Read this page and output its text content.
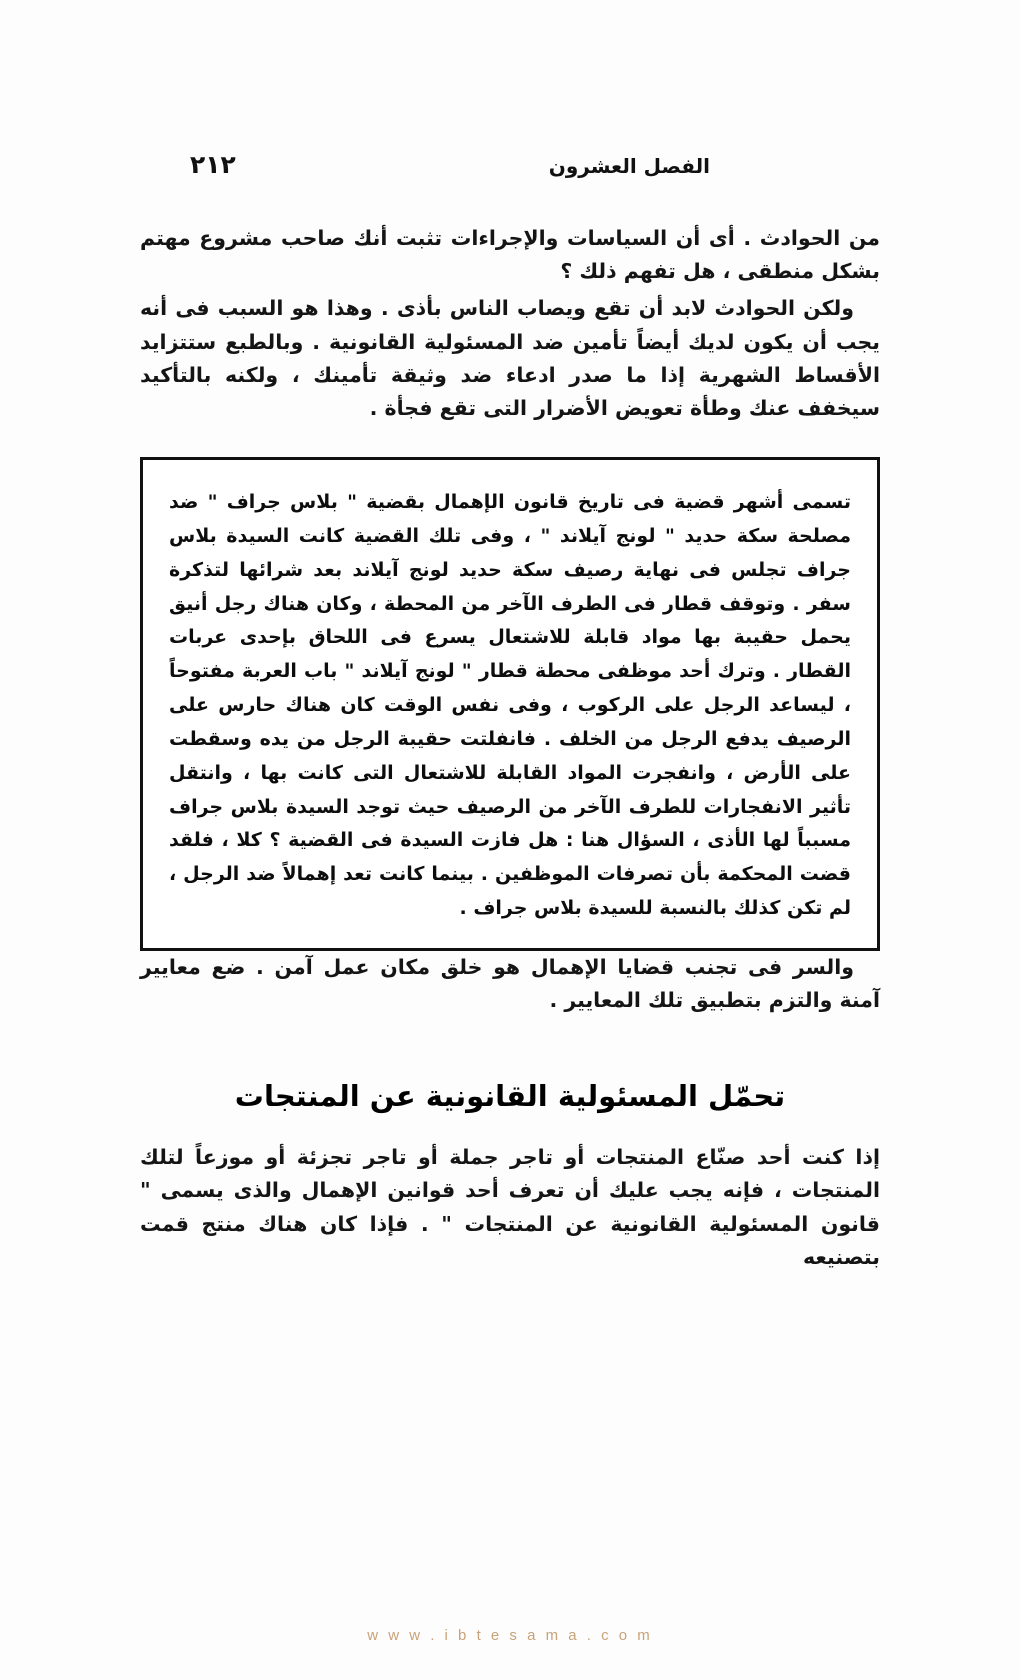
٢١٢	الفصل العشرون

من الحوادث . أى أن السياسات والإجراءات تثبت أنك صاحب مشروع مهتم بشكل منطقى ، هل تفهم ذلك ؟

ولكن الحوادث لابد أن تقع ويصاب الناس بأذى . وهذا هو السبب فى أنه يجب أن يكون لديك أيضاً تأمين ضد المسئولية القانونية . وبالطبع ستتزايد الأقساط الشهرية إذا ما صدر ادعاء ضد وثيقة تأمينك ، ولكنه بالتأكيد سيخفف عنك وطأة تعويض الأضرار التى تقع فجأة .

تسمى أشهر قضية فى تاريخ قانون الإهمال بقضية " بلاس جراف " ضد مصلحة سكة حديد " لونج آيلاند " ، وفى تلك القضية كانت السيدة بلاس جراف تجلس فى نهاية رصيف سكة حديد لونج آيلاند بعد شرائها لتذكرة سفر . وتوقف قطار فى الطرف الآخر من المحطة ، وكان هناك رجل أنيق يحمل حقيبة بها مواد قابلة للاشتعال يسرع فى اللحاق بإحدى عربات القطار . وترك أحد موظفى محطة قطار " لونج آيلاند " باب العربة مفتوحاً ، ليساعد الرجل على الركوب ، وفى نفس الوقت كان هناك حارس على الرصيف يدفع الرجل من الخلف . فانفلتت حقيبة الرجل من يده وسقطت على الأرض ، وانفجرت المواد القابلة للاشتعال التى كانت بها ، وانتقل تأثير الانفجارات للطرف الآخر من الرصيف حيث توجد السيدة بلاس جراف مسبباً لها الأذى ، السؤال هنا : هل فازت السيدة فى القضية ؟ كلا ، فلقد قضت المحكمة بأن تصرفات الموظفين . بينما كانت تعد إهمالاً ضد الرجل ، لم تكن كذلك بالنسبة للسيدة بلاس جراف .

والسر فى تجنب قضايا الإهمال هو خلق مكان عمل آمن . ضع معايير آمنة والتزم بتطبيق تلك المعايير .

تحمّل المسئولية القانونية عن المنتجات

إذا كنت أحد صنّاع المنتجات أو تاجر جملة أو تاجر تجزئة أو موزعاً لتلك المنتجات ، فإنه يجب عليك أن تعرف أحد قوانين الإهمال والذى يسمى " قانون المسئولية القانونية عن المنتجات " . فإذا كان هناك منتج قمت بتصنيعه

w w w . i b t e s a m a . c o m
